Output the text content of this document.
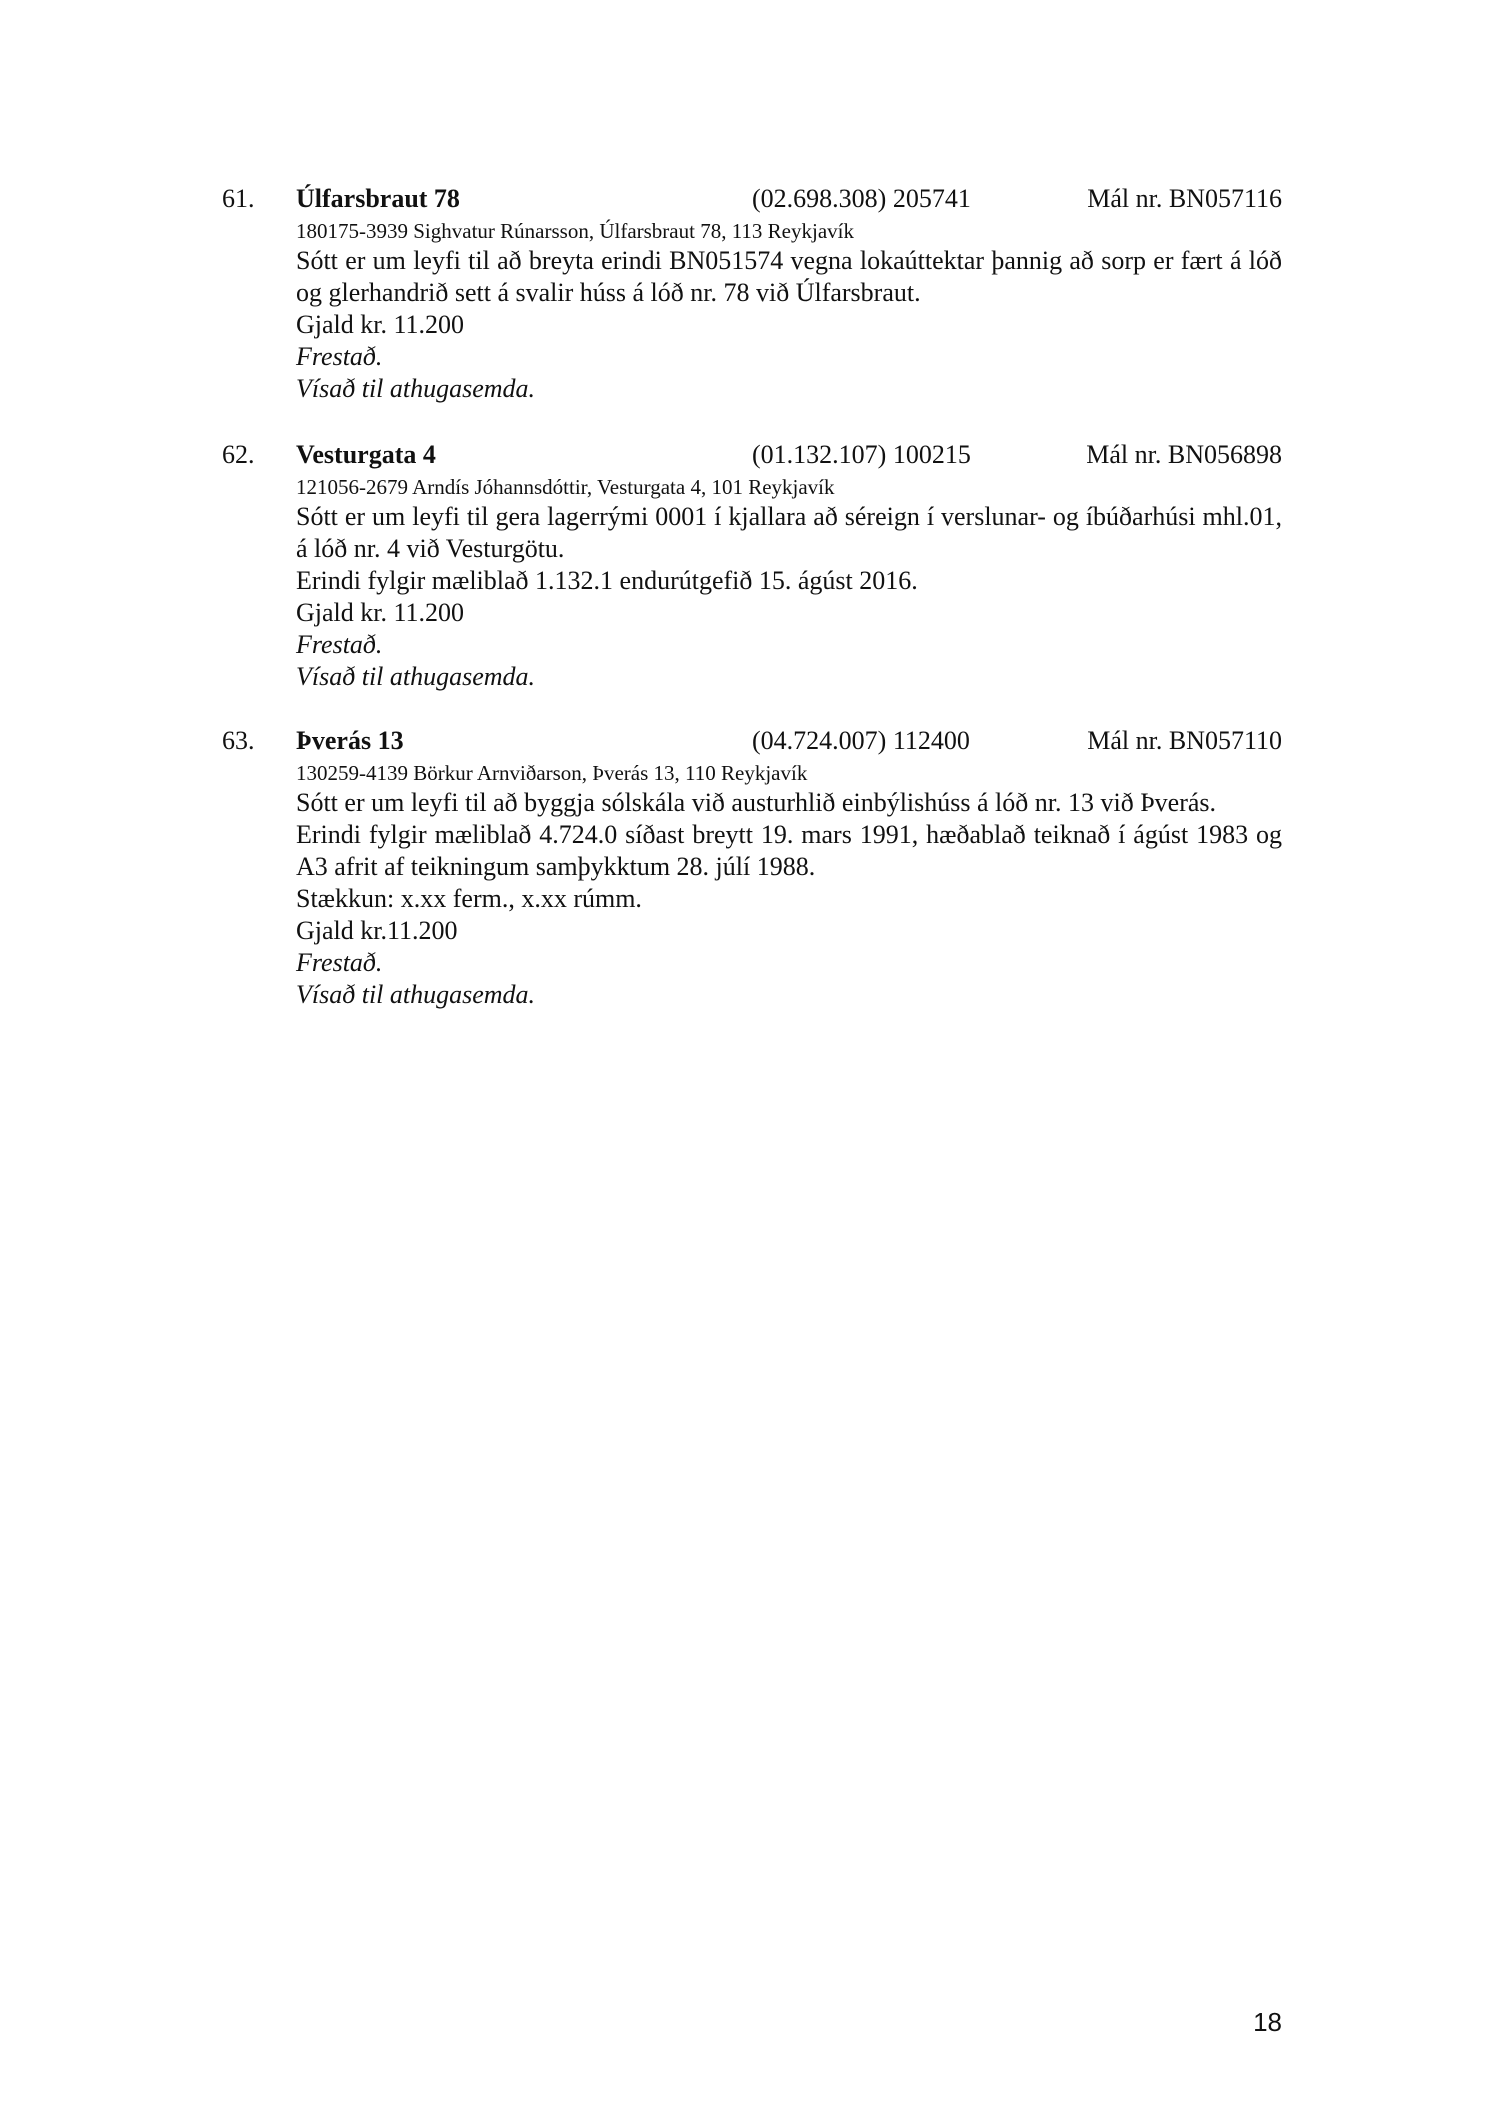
61. Úlfarsbraut 78	(02.698.308) 205741	Mál nr. BN057116
180175-3939 Sighvatur Rúnarsson, Úlfarsbraut 78, 113 Reykjavík
Sótt er um leyfi til að breyta erindi BN051574 vegna lokaúttektar þannig að sorp er fært á lóð og glerhandrið sett á svalir húss á lóð nr. 78 við Úlfarsbraut.
Gjald kr. 11.200
Frestað.
Vísað til athugasemda.
62. Vesturgata 4	(01.132.107) 100215	Mál nr. BN056898
121056-2679 Arndís Jóhannsdóttir, Vesturgata 4, 101 Reykjavík
Sótt er um leyfi til gera lagerrými 0001 í kjallara að séreign í verslunar- og íbúðarhúsi mhl.01, á lóð nr. 4 við Vesturgötu.
Erindi fylgir mæliblað 1.132.1 endurútgefið 15. ágúst 2016.
Gjald kr. 11.200
Frestað.
Vísað til athugasemda.
63. Þverás 13	(04.724.007) 112400	Mál nr. BN057110
130259-4139 Börkur Arnviðarson, Þverás 13, 110 Reykjavík
Sótt er um leyfi til að byggja sólskála við austurhlið einbýlishúss á lóð nr. 13 við Þverás.
Erindi fylgir mæliblað 4.724.0 síðast breytt 19. mars 1991, hæðablað teiknað í ágúst 1983 og A3 afrit af teikningum samþykktum 28. júlí 1988.
Stækkun: x.xx ferm., x.xx rúmm.
Gjald kr.11.200
Frestað.
Vísað til athugasemda.
18
